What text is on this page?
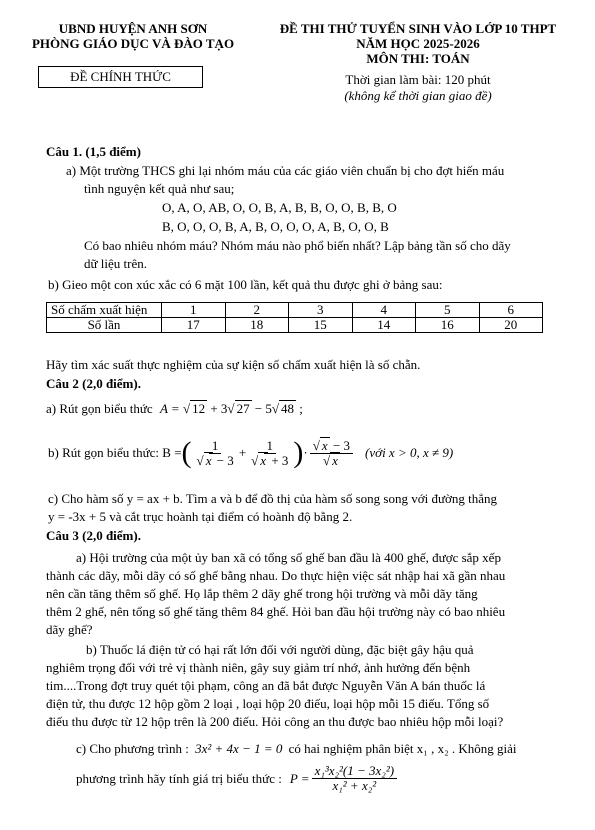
UBND HUYỆN ANH SƠN
PHÒNG GIÁO DỤC VÀ ĐÀO TẠO
ĐỀ CHÍNH THỨC
ĐỀ THI THỬ TUYỂN SINH VÀO LỚP 10 THPT
NĂM HỌC 2025-2026
MÔN THI: TOÁN
Thời gian làm bài: 120 phút
(không kể thời gian giao đề)
Câu 1. (1,5 điểm)
a) Một trường THCS ghi lại nhóm máu của các giáo viên chuẩn bị cho đợt hiến máu
tình nguyện kết quả như sau;
O, A, O, AB, O, O, B, A, B, B, O, O, B, B, O
B, O, O, O, B, A, B, O, O, O, A, B, O, O, B
Có bao nhiêu nhóm máu? Nhóm máu nào phổ biến nhất? Lập bảng tần số cho dãy
dữ liệu trên.
b) Gieo một con xúc xắc có 6 mặt 100 lần, kết quả thu được ghi ở bảng sau:
Số chấm xuất hiện	1	2	3	4	5	6
Số lần	17	18	15	14	16	20
Hãy tìm xác suất thực nghiệm của sự kiện số chấm xuất hiện là số chẵn.
Câu 2 (2,0 điểm).
a) Rút gọn biểu thức A = √ 12 + 3√ 27 − 5√ 48 ;
b) Rút gọn biểu thức: B = ( $\frac{1}{√ x - 3} + \frac{1}{√ x + 3}$ ) · $\frac{√ x - 3}{√ x}$ (với x > 0, x ≠ 9)
c) Cho hàm số y = ax + b. Tìm a và b để đồ thị của hàm số song song với đường thẳng
y = -3x + 5 và cắt trục hoành tại điểm có hoành độ bằng 2.
Câu 3 (2,0 điểm).
a) Hội trường của một ủy ban xã có tổng số ghế ban đầu là 400 ghế, được sắp xếp
thành các dãy, mỗi dãy có số ghế bằng nhau. Do thực hiện việc sát nhập hai xã gần nhau
nên cần tăng thêm số ghế. Họ lắp thêm 2 dãy ghế trong hội trường và mỗi dãy tăng
thêm 2 ghế, nên tổng số ghế tăng thêm 84 ghế. Hỏi ban đầu hội trường này có bao nhiêu
dãy ghế?
b) Thuốc lá điện tử có hại rất lớn đối với người dùng, đặc biệt gây hậu quả
nghiêm trọng đối với trẻ vị thành niên, gây suy giảm trí nhớ, ảnh hưởng đến bệnh
tim....Trong đợt truy quét tội phạm, công an đã bắt được Nguyễn Văn A bán thuốc lá
điện tử, thu được 12 hộp gồm 2 loại , loại hộp 20 điếu, loại hộp mỗi 15 điếu. Tổng số
điếu thu được từ 12 hộp trên là 200 điếu. Hỏi công an thu được bao nhiêu hộp mỗi loại?
c) Cho phương trình : 3x² + 4x − 1 = 0 có hai nghiệm phân biệt x₁ , x₂ . Không giải
phương trình hãy tính giá trị biểu thức : $P = \frac{\text{x₁³x₂²(1 − 3x₂²)}}{\text{x₁² + x₂²}}$
